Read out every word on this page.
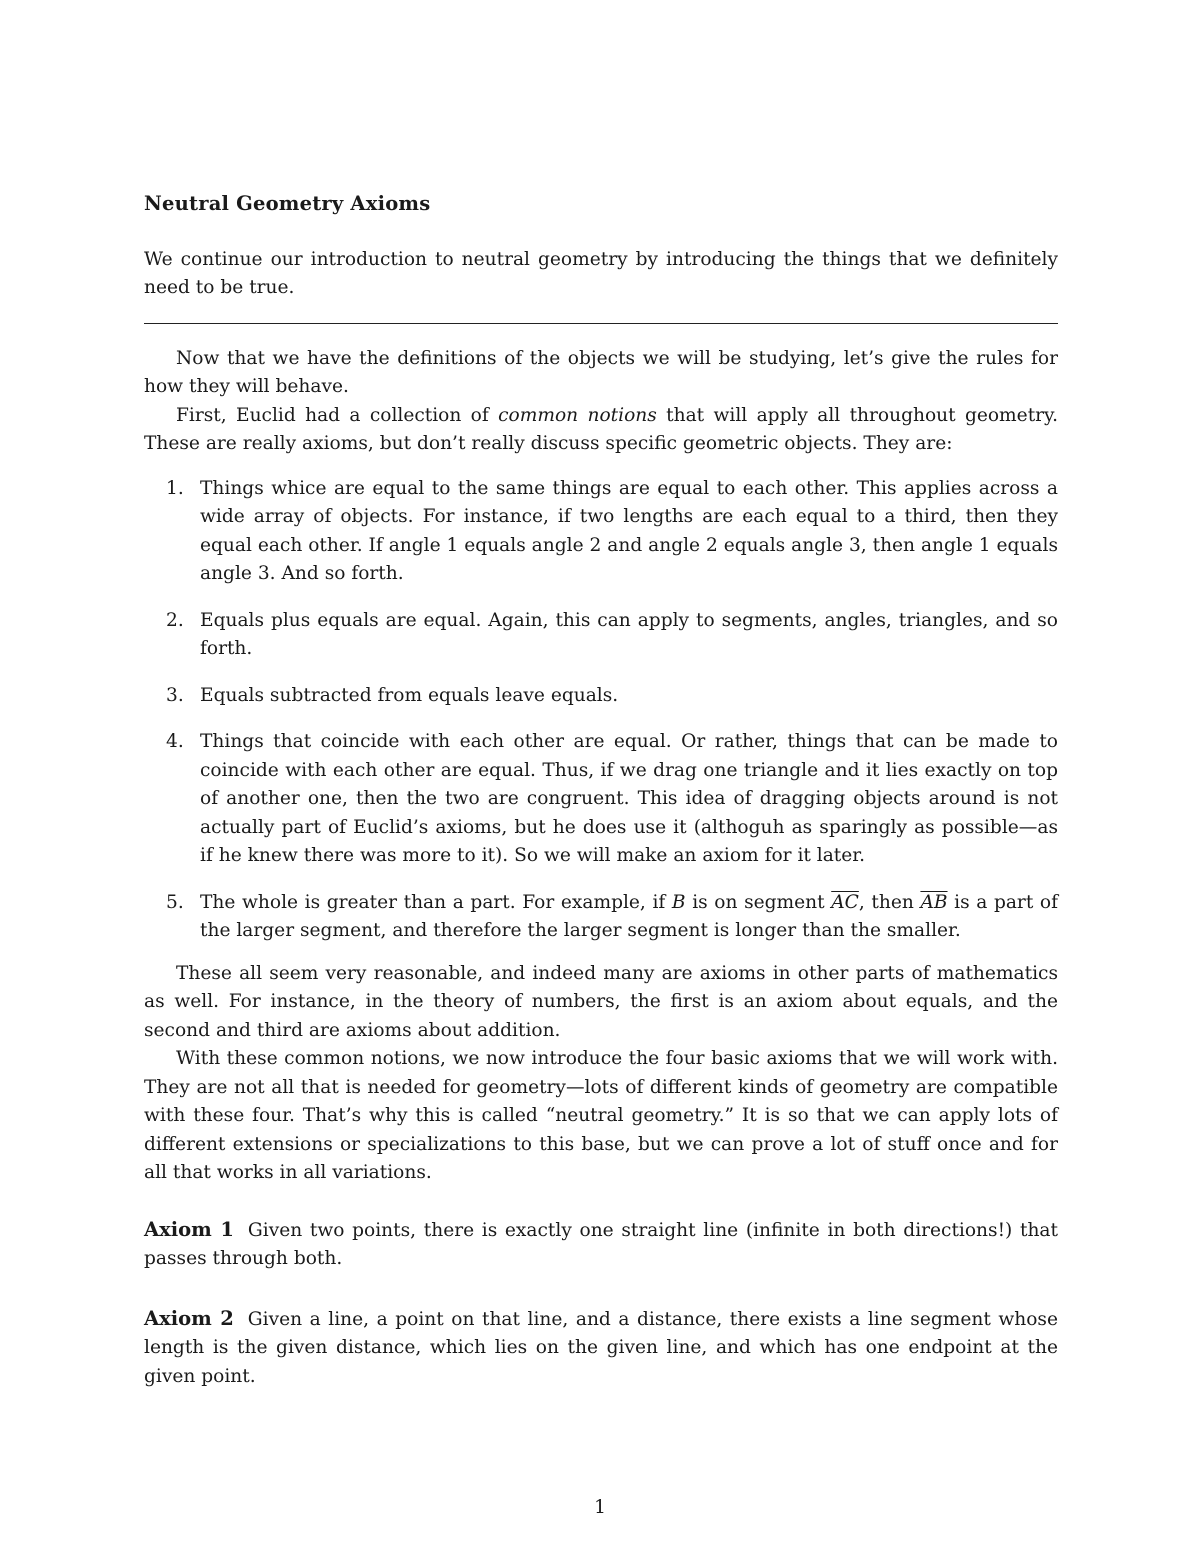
Neutral Geometry Axioms

We continue our introduction to neutral geometry by introducing the things that we definitely need to be true.

Now that we have the definitions of the objects we will be studying, let’s give the rules for how they will behave.

First, Euclid had a collection of common notions that will apply all throughout geometry. These are really axioms, but don’t really discuss specific geometric objects. They are:

1. Things whice are equal to the same things are equal to each other. This applies across a wide array of objects. For instance, if two lengths are each equal to a third, then they equal each other. If angle 1 equals angle 2 and angle 2 equals angle 3, then angle 1 equals angle 3. And so forth.
2. Equals plus equals are equal. Again, this can apply to segments, angles, triangles, and so forth.
3. Equals subtracted from equals leave equals.
4. Things that coincide with each other are equal. Or rather, things that can be made to coincide with each other are equal. Thus, if we drag one triangle and it lies exactly on top of another one, then the two are congruent. This idea of dragging objects around is not actually part of Euclid’s axioms, but he does use it (althoguh as sparingly as possible—as if he knew there was more to it). So we will make an axiom for it later.
5. The whole is greater than a part. For example, if B is on segment $\overline{AC}$, then $\overline{AB}$ is a part of the larger segment, and therefore the larger segment is longer than the smaller.

These all seem very reasonable, and indeed many are axioms in other parts of mathematics as well. For instance, in the theory of numbers, the first is an axiom about equals, and the second and third are axioms about addition.

With these common notions, we now introduce the four basic axioms that we will work with. They are not all that is needed for geometry—lots of different kinds of geometry are compatible with these four. That’s why this is called “neutral geometry.” It is so that we can apply lots of different extensions or specializations to this base, but we can prove a lot of stuff once and for all that works in all variations.

Axiom 1 Given two points, there is exactly one straight line (infinite in both directions!) that passes through both.

Axiom 2 Given a line, a point on that line, and a distance, there exists a line segment whose length is the given distance, which lies on the given line, and which has one endpoint at the given point.

1
